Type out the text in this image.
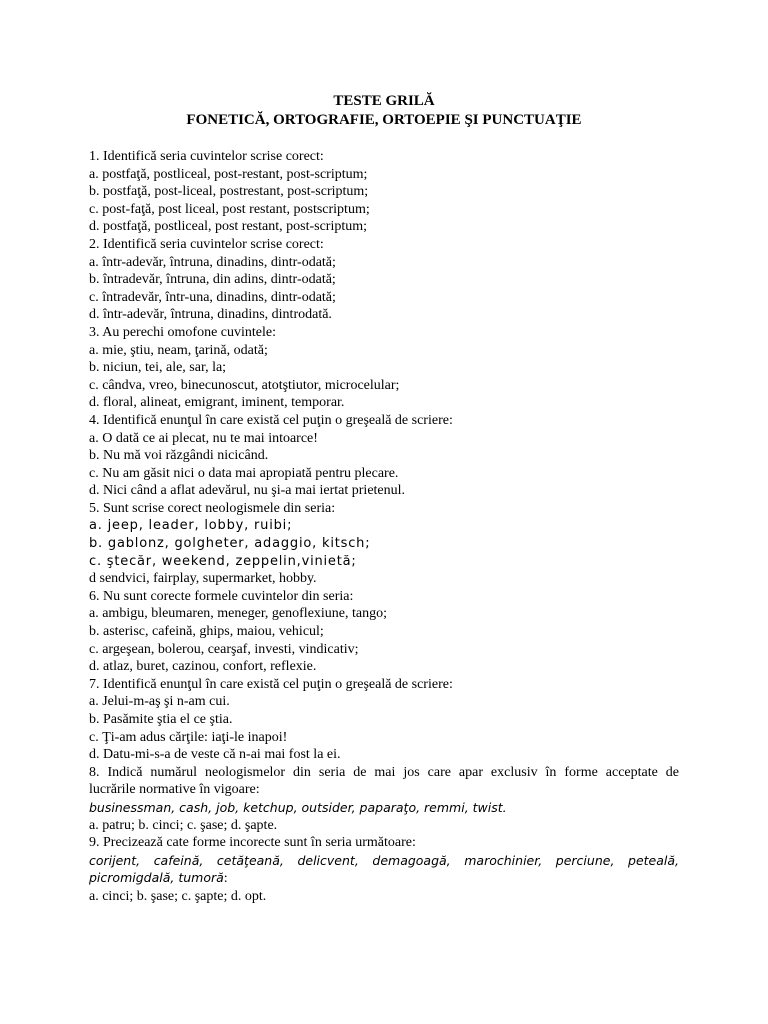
TESTE GRILĂ
FONETICĂ, ORTOGRAFIE, ORTOEPIE ŞI PUNCTUAŢIE
1. Identifică seria cuvintelor scrise corect:
a. postfaţă, postliceal, post-restant, post-scriptum;
b. postfaţă, post-liceal, postrestant, post-scriptum;
c. post-faţă, post liceal, post restant, postscriptum;
d. postfaţă, postliceal, post restant, post-scriptum;
2. Identifică seria cuvintelor scrise corect:
a. într-adevăr, întruna, dinadins, dintr-odată;
b. întradevăr, întruna, din adins, dintr-odată;
c. întradevăr, într-una, dinadins, dintr-odată;
d. într-adevăr, întruna, dinadins, dintrodată.
3. Au perechi omofone cuvintele:
a. mie, ştiu, neam, ţarină, odată;
b. niciun, tei, ale, sar, la;
c. cândva, vreo, binecunoscut, atotştiutor, microcelular;
d. floral, alineat, emigrant, iminent, temporar.
4. Identifică enunţul în care există cel puţin o greşeală de scriere:
a. O dată ce ai plecat, nu te mai intoarce!
b. Nu mă voi răzgândi nicicând.
c. Nu am găsit nici o data mai apropiată pentru plecare.
d. Nici când a aflat adevărul, nu şi-a mai iertat prietenul.
5. Sunt scrise corect neologismele din seria:
a. jeep, leader, lobby, ruibi;
b. gablonz, golgheter, adaggio, kitsch;
c. ştecăr, weekend, zeppelin,vinietă;
d sendvici, fairplay, supermarket, hobby.
6. Nu sunt corecte formele cuvintelor din seria:
a. ambigu, bleumaren, meneger, genoflexiune, tango;
b. asterisc, cafeină, ghips, maiou, vehicul;
c. argeşean, bolerou, cearşaf, investi, vindicativ;
d. atlaz, buret, cazinou, confort, reflexie.
7. Identifică enunţul în care există cel puţin o greşeală de scriere:
a. Jelui-m-aş şi n-am cui.
b. Pasămite ştia el ce ştia.
c. Ţi-am adus cărţile: iaţi-le inapoi!
d. Datu-mi-s-a de veste că n-ai mai fost la ei.
8. Indică numărul neologismelor din seria de mai jos care apar exclusiv în forme acceptate de
lucrările normative în vigoare:
businessman, cash, job, ketchup, outsider, paparaţo, remmi, twist.
a. patru; b. cinci; c. şase; d. şapte.
9. Precizează cate forme incorecte sunt în seria următoare:
corijent, cafeină, cetăţeană, delicvent, demagoagă, marochinier, perciune, peteală,
picromigdală, tumoră:
a. cinci; b. şase; c. şapte; d. opt.
